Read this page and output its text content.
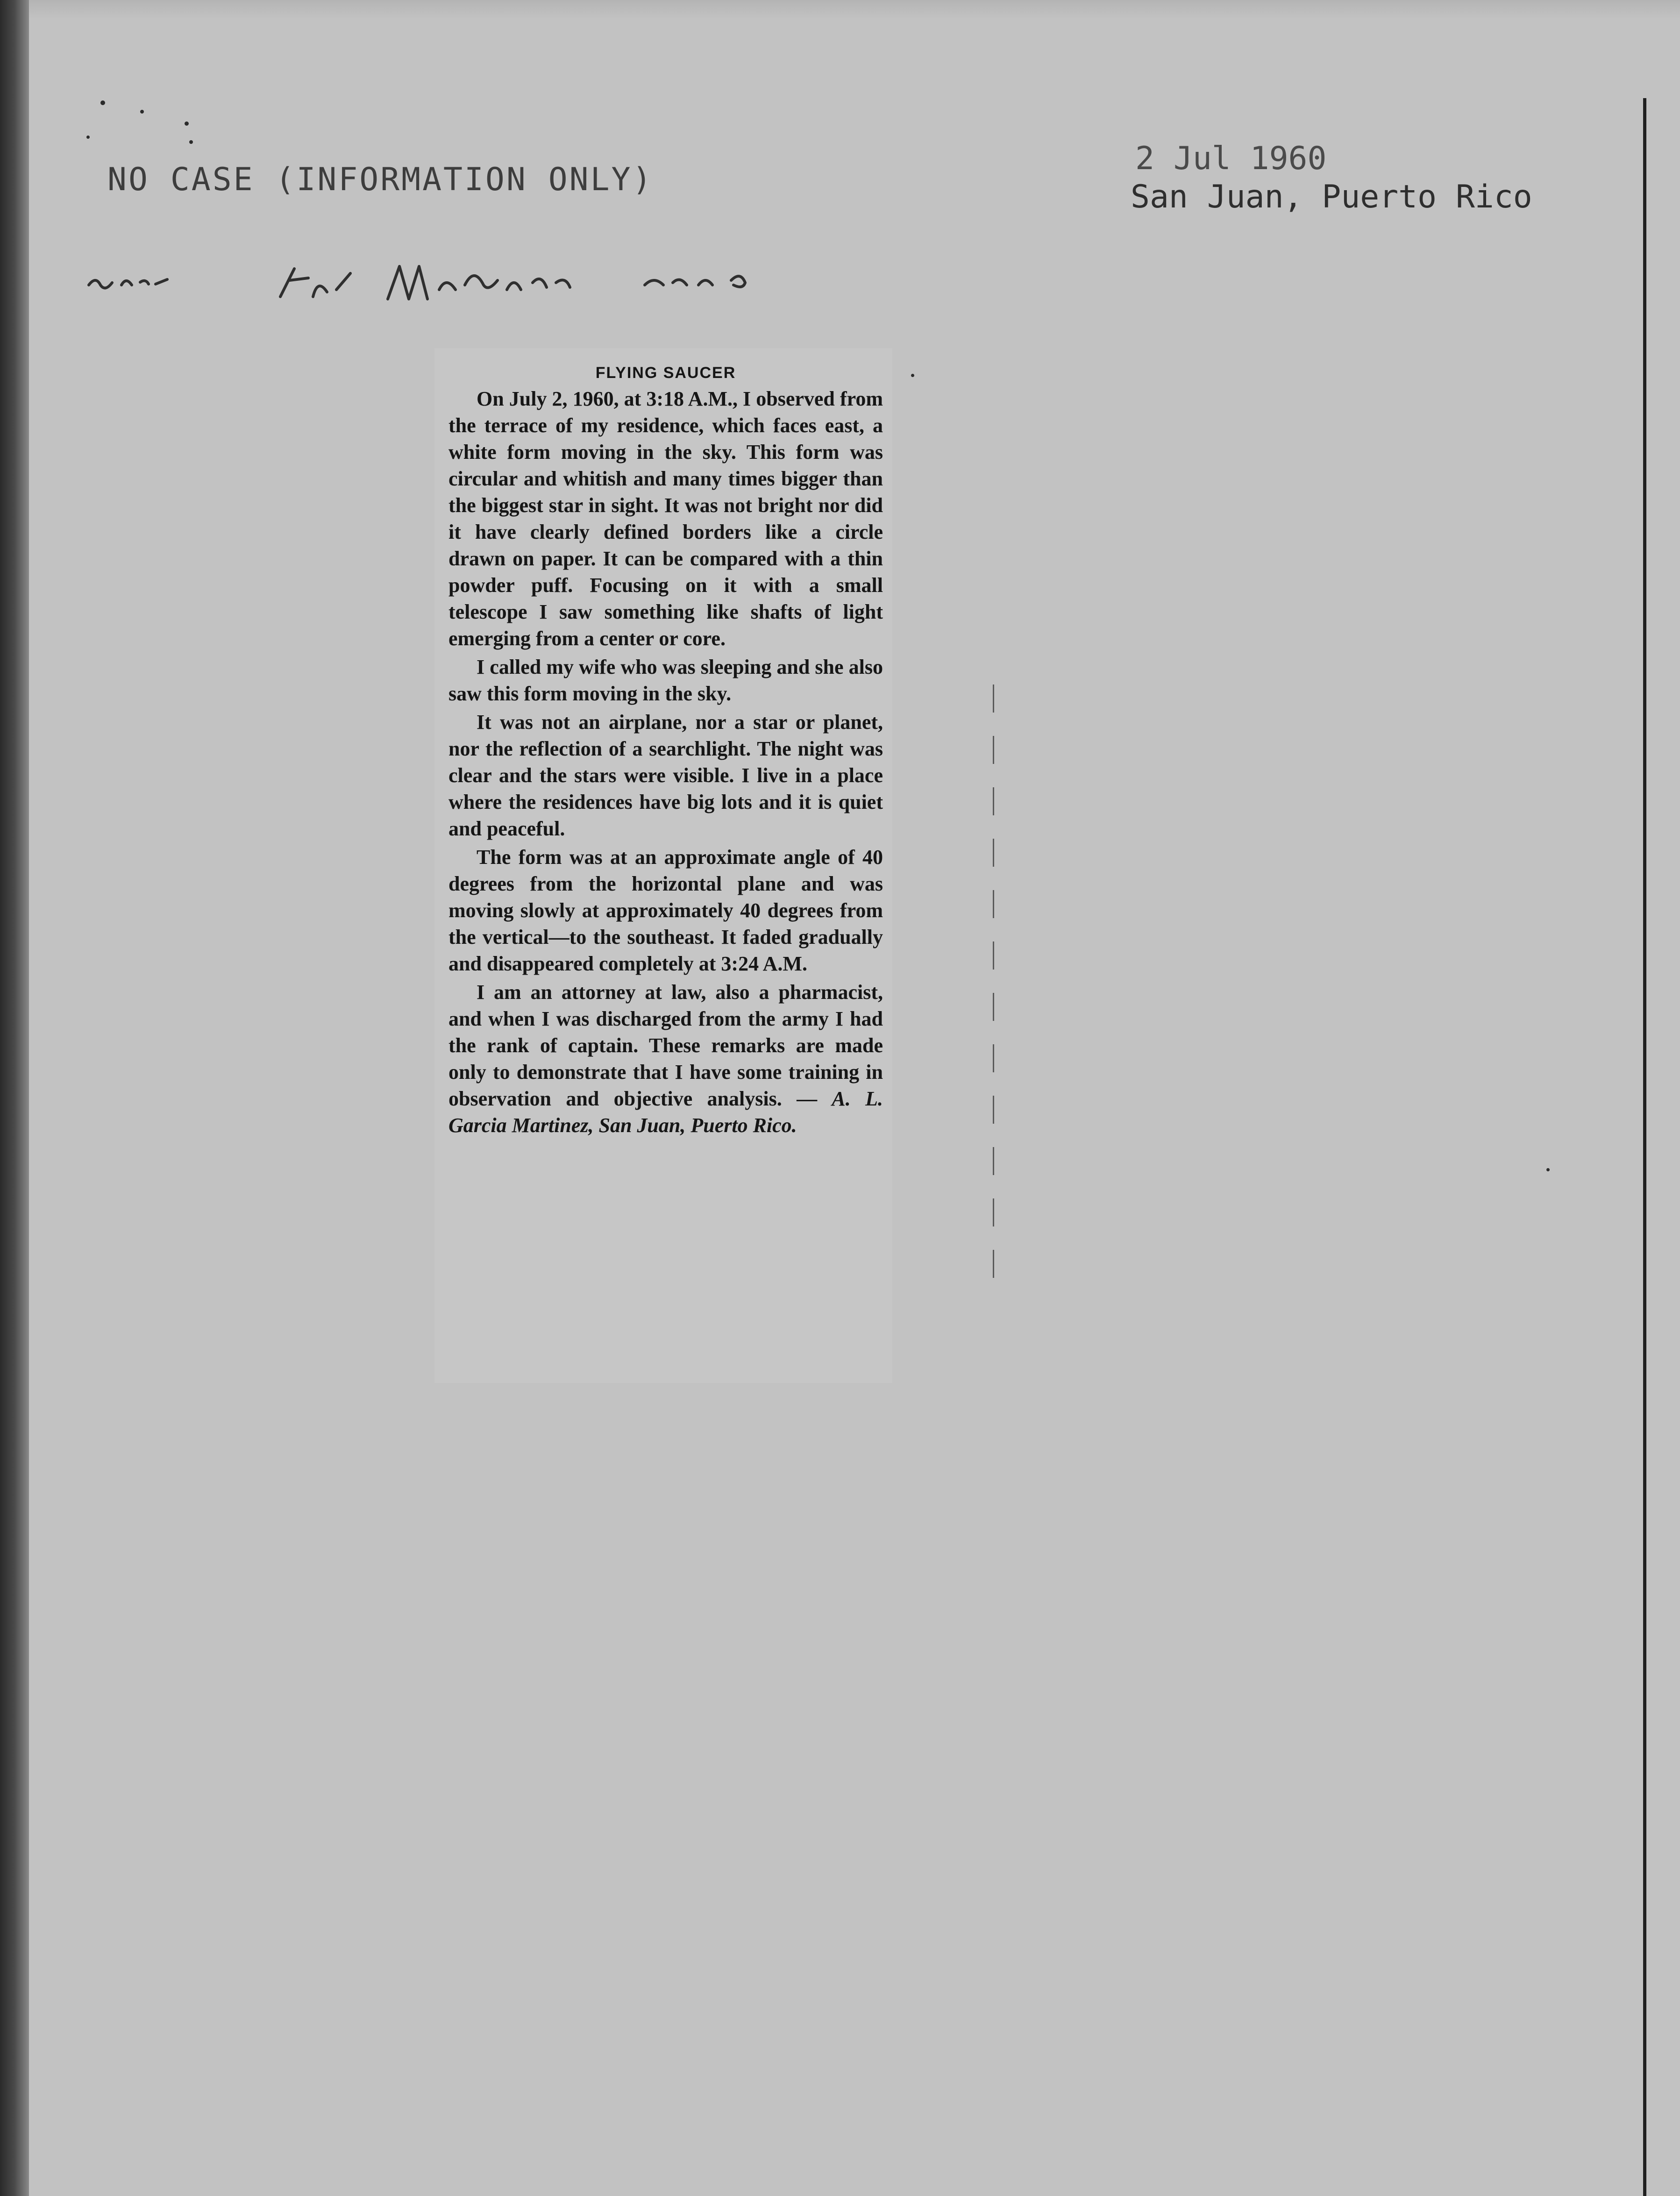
NO CASE (INFORMATION ONLY)
2 Jul 1960
San Juan, Puerto Rico
FLYING SAUCER

On July 2, 1960, at 3:18 A.M., I observed from the terrace of my residence, which faces east, a white form moving in the sky. This form was circular and whitish and many times bigger than the biggest star in sight. It was not bright nor did it have clearly defined borders like a circle drawn on paper. It can be compared with a thin powder puff. Focusing on it with a small telescope I saw something like shafts of light emerging from a center or core.

I called my wife who was sleeping and she also saw this form moving in the sky.

It was not an airplane, nor a star or planet, nor the reflection of a searchlight. The night was clear and the stars were visible. I live in a place where the residences have big lots and it is quiet and peaceful.

The form was at an approximate angle of 40 degrees from the horizontal plane and was moving slowly at approximately 40 degrees from the vertical—to the southeast. It faded gradually and disappeared completely at 3:24 A.M.

I am an attorney at law, also a pharmacist, and when I was discharged from the army I had the rank of captain. These remarks are made only to demonstrate that I have some training in observation and objective analysis. — A. L. Garcia Martinez, San Juan, Puerto Rico.
